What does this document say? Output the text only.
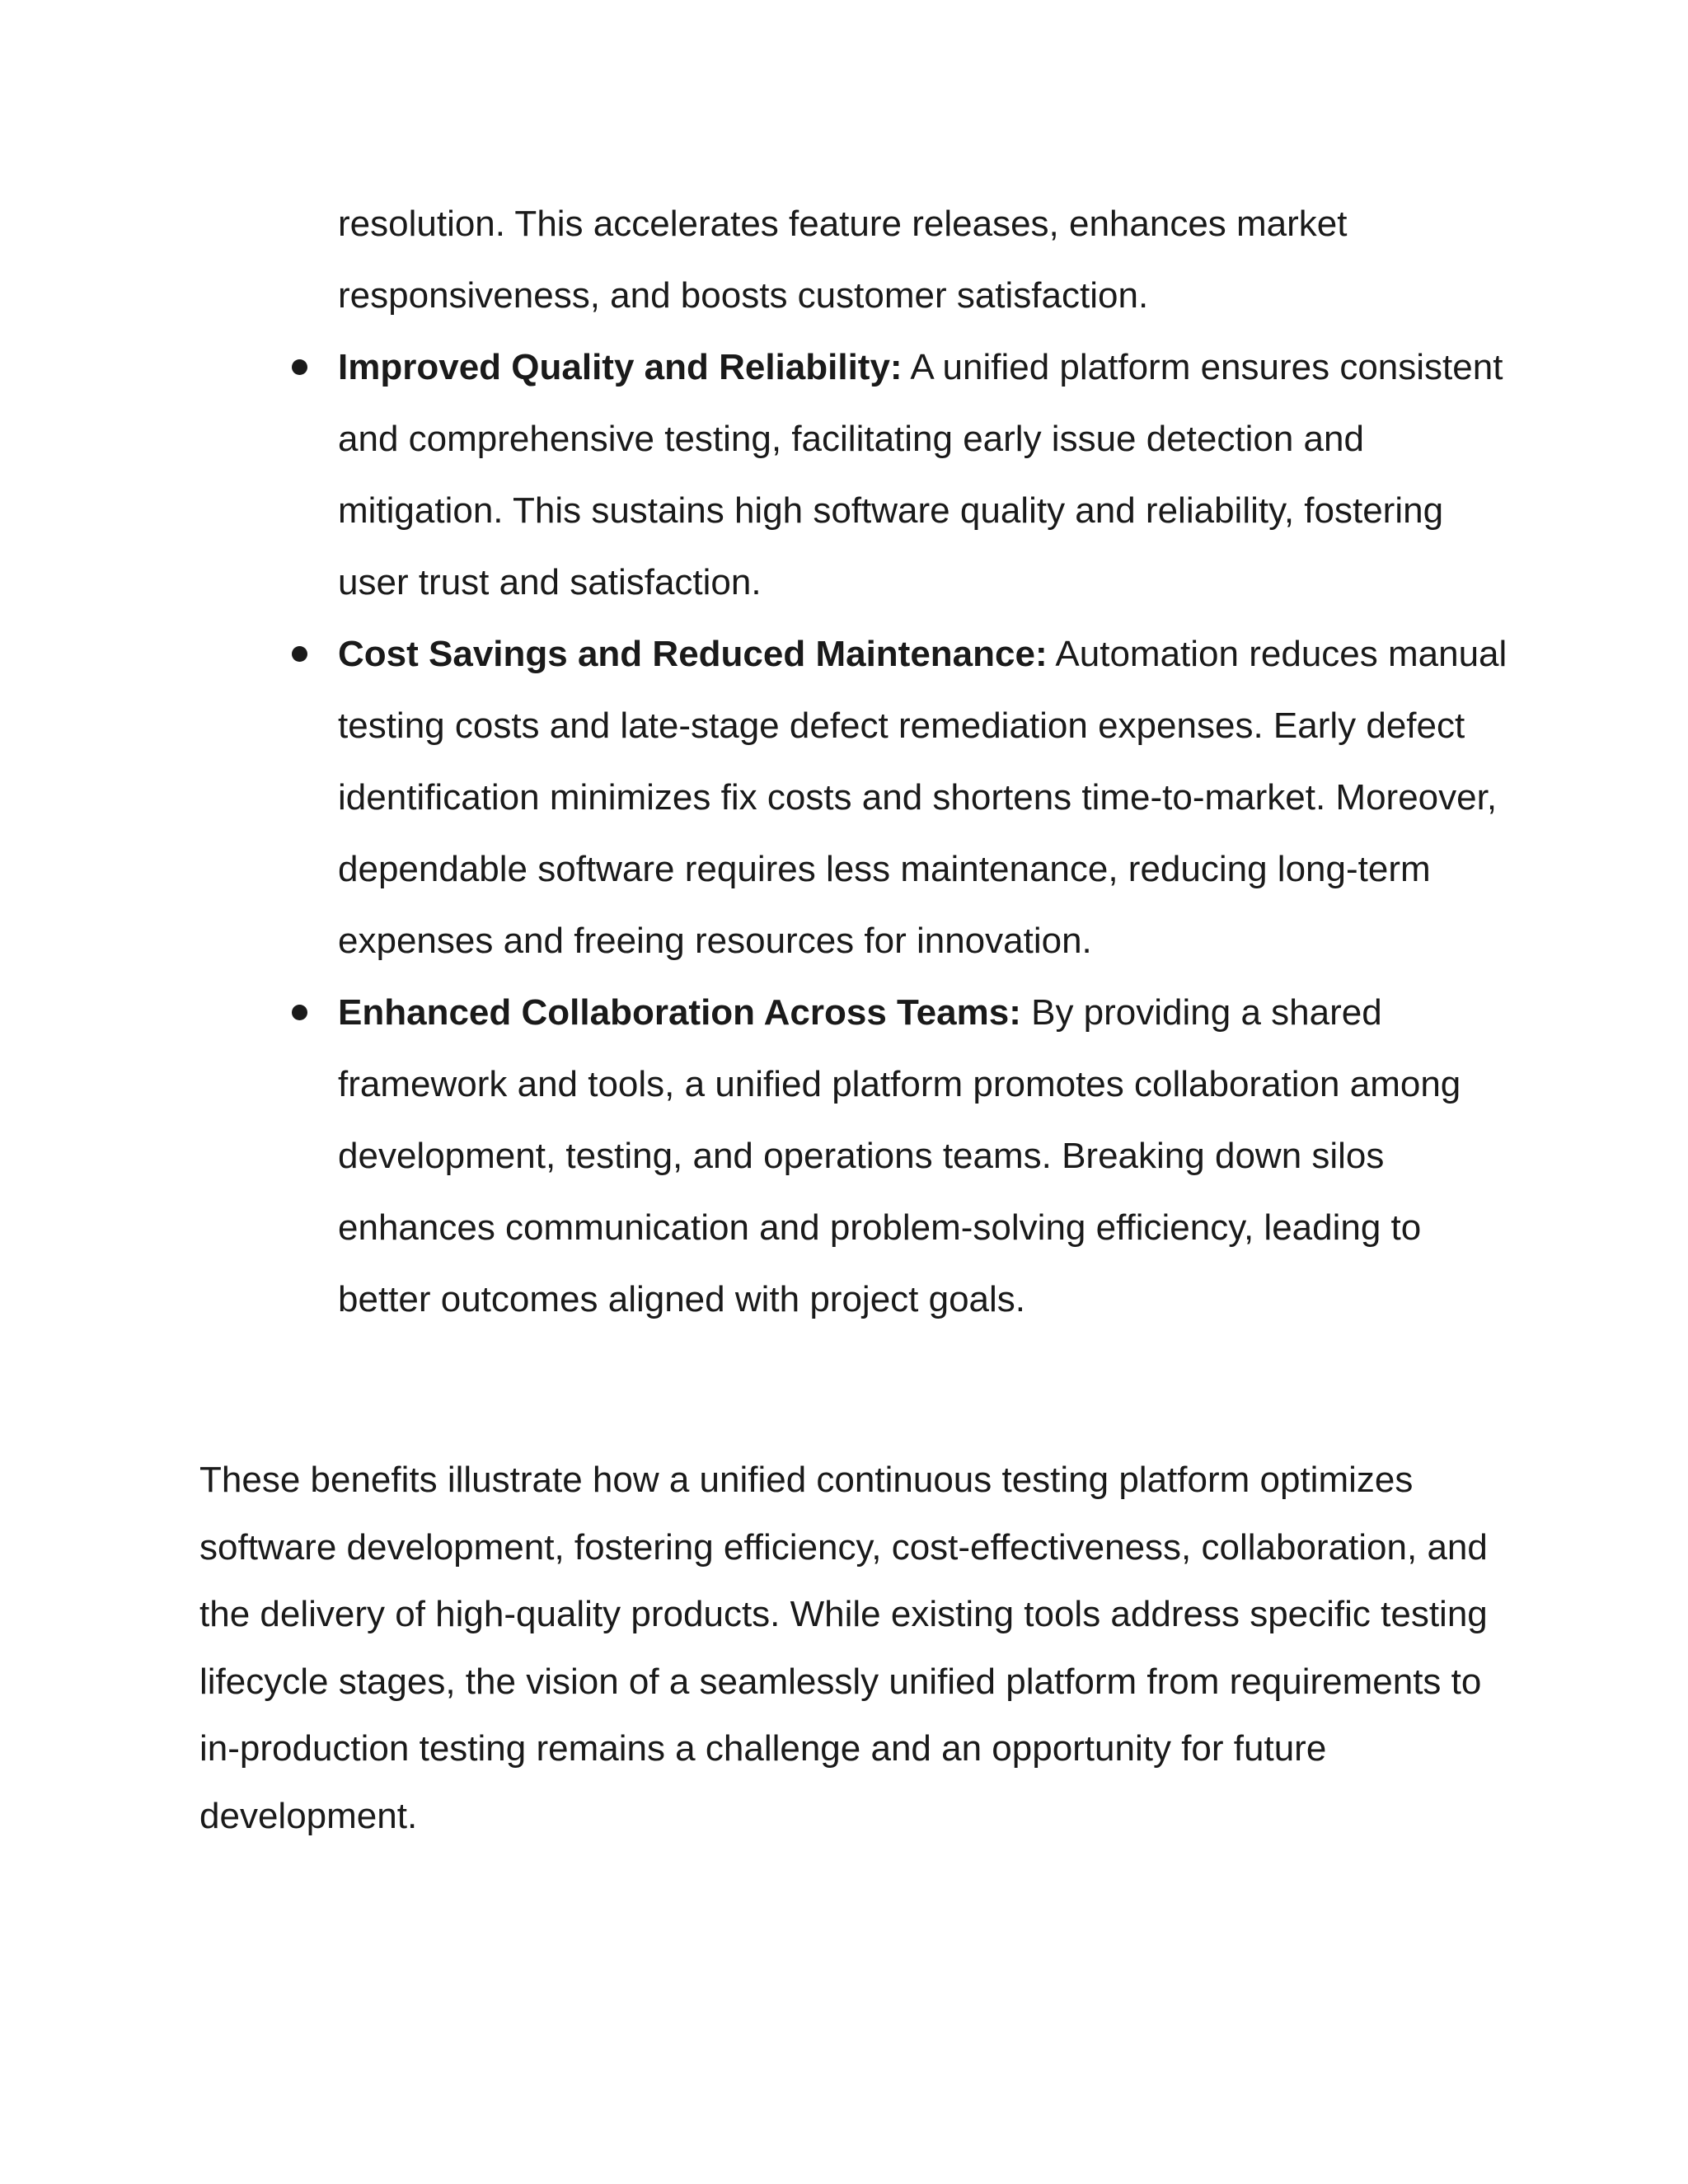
resolution. This accelerates feature releases, enhances market responsiveness, and boosts customer satisfaction.

Improved Quality and Reliability: A unified platform ensures consistent and comprehensive testing, facilitating early issue detection and mitigation. This sustains high software quality and reliability, fostering user trust and satisfaction.
Cost Savings and Reduced Maintenance: Automation reduces manual testing costs and late-stage defect remediation expenses. Early defect identification minimizes fix costs and shortens time-to-market. Moreover, dependable software requires less maintenance, reducing long-term expenses and freeing resources for innovation.
Enhanced Collaboration Across Teams: By providing a shared framework and tools, a unified platform promotes collaboration among development, testing, and operations teams. Breaking down silos enhances communication and problem-solving efficiency, leading to better outcomes aligned with project goals.

These benefits illustrate how a unified continuous testing platform optimizes software development, fostering efficiency, cost-effectiveness, collaboration, and the delivery of high-quality products. While existing tools address specific testing lifecycle stages, the vision of a seamlessly unified platform from requirements to in-production testing remains a challenge and an opportunity for future development.
